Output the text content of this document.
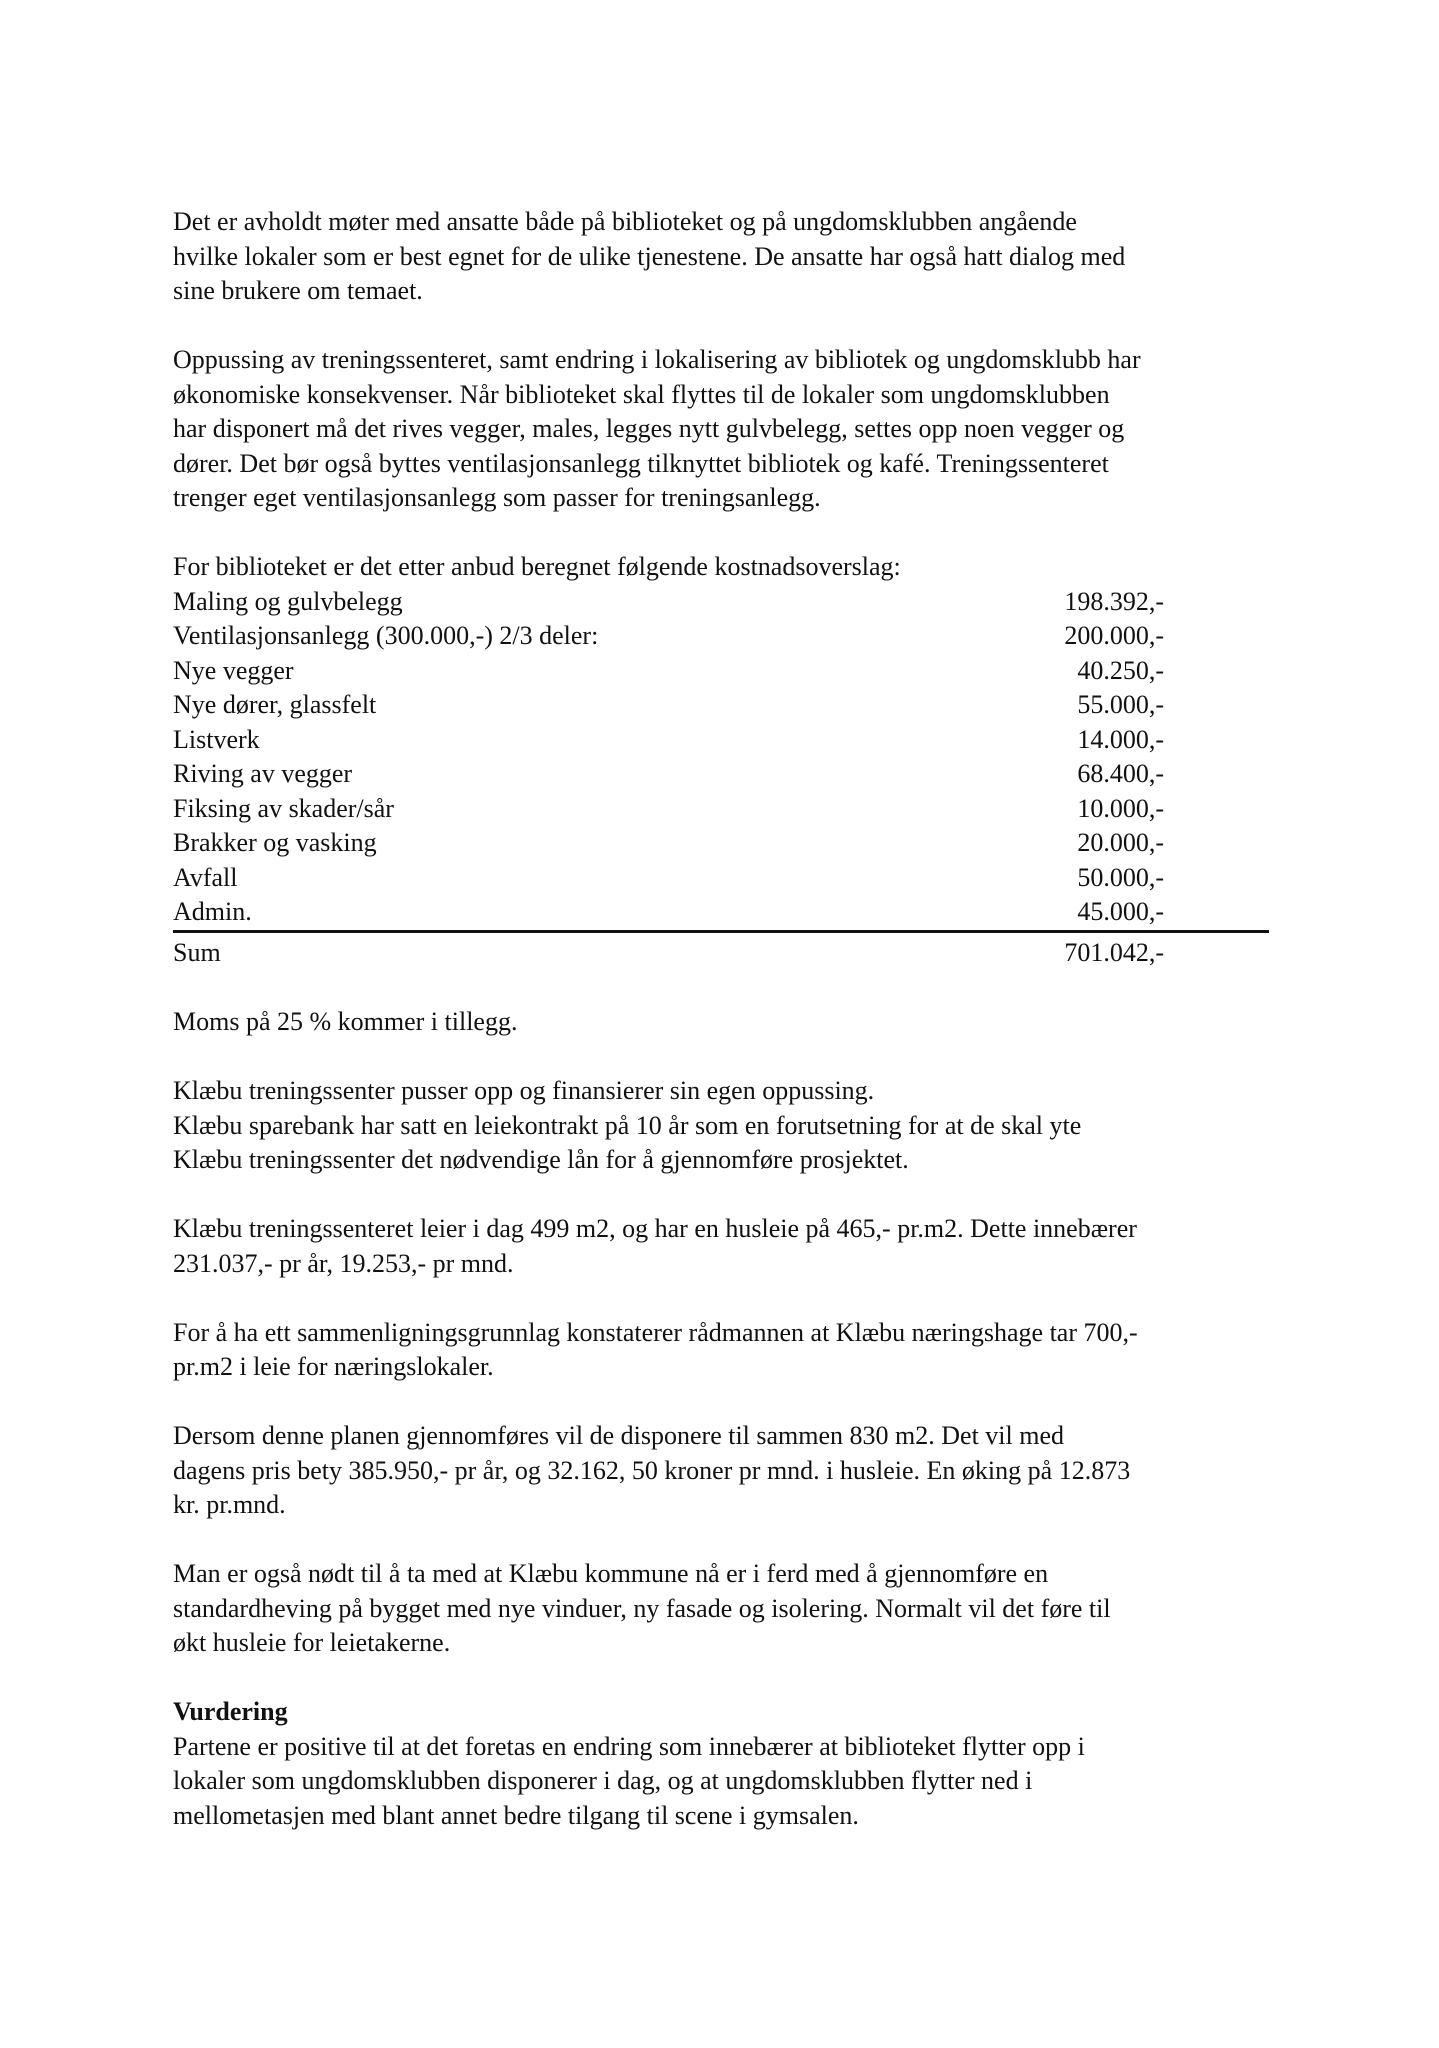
Det er avholdt møter med ansatte både på biblioteket og på ungdomsklubben angående
hvilke lokaler som er best egnet for de ulike tjenestene. De ansatte har også hatt dialog med
sine brukere om temaet.

Oppussing av treningssenteret, samt endring i lokalisering av bibliotek og ungdomsklubb har
økonomiske konsekvenser. Når biblioteket skal flyttes til de lokaler som ungdomsklubben
har disponert må det rives vegger, males, legges nytt gulvbelegg, settes opp noen vegger og
dører. Det bør også byttes ventilasjonsanlegg tilknyttet bibliotek og kafé. Treningssenteret
trenger eget ventilasjonsanlegg som passer for treningsanlegg.

For biblioteket er det etter anbud beregnet følgende kostnadsoverslag:

Maling og gulvbelegg	198.392,-
Ventilasjonsanlegg (300.000,-) 2/3 deler:	200.000,-
Nye vegger	40.250,-
Nye dører, glassfelt	55.000,-
Listverk	14.000,-
Riving av vegger	68.400,-
Fiksing av skader/sår	10.000,-
Brakker og vasking	20.000,-
Avfall	50.000,-
Admin.	45.000,-
Sum	701.042,-

Moms på 25 % kommer i tillegg.

Klæbu treningssenter pusser opp og finansierer sin egen oppussing.
Klæbu sparebank har satt en leiekontrakt på 10 år som en forutsetning for at de skal yte
Klæbu treningssenter det nødvendige lån for å gjennomføre prosjektet.

Klæbu treningssenteret leier i dag 499 m2, og har en husleie på 465,- pr.m2. Dette innebærer
231.037,- pr år, 19.253,- pr mnd.

For å ha ett sammenligningsgrunnlag konstaterer rådmannen at Klæbu næringshage tar 700,-
pr.m2 i leie for næringslokaler.

Dersom denne planen gjennomføres vil de disponere til sammen 830 m2. Det vil med
dagens pris bety 385.950,- pr år, og 32.162, 50 kroner pr mnd. i husleie. En øking på 12.873
kr. pr.mnd.

Man er også nødt til å ta med at Klæbu kommune nå er i ferd med å gjennomføre en
standardheving på bygget med nye vinduer, ny fasade og isolering. Normalt vil det føre til
økt husleie for leietakerne.

Vurdering

Partene er positive til at det foretas en endring som innebærer at biblioteket flytter opp i
lokaler som ungdomsklubben disponerer i dag, og at ungdomsklubben flytter ned i
mellometasjen med blant annet bedre tilgang til scene i gymsalen.
